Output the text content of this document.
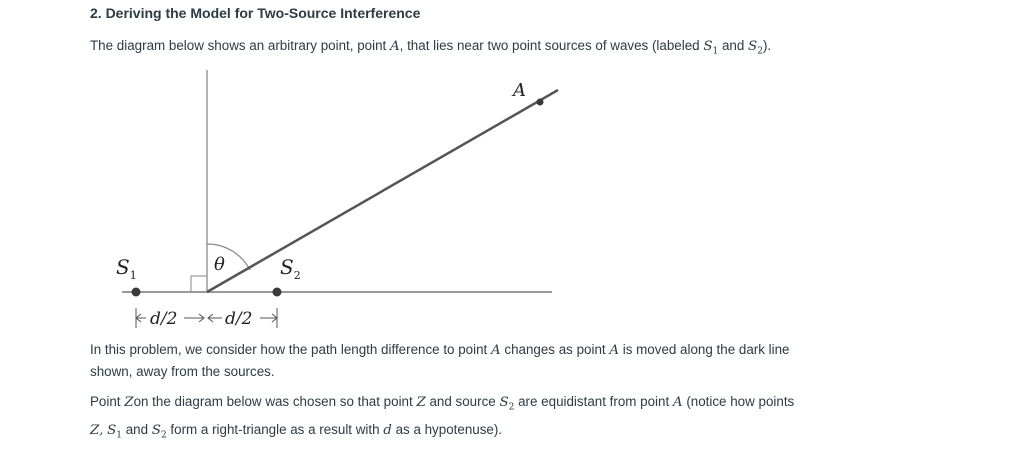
2. Deriving the Model for Two-Source Interference

The diagram below shows an arbitrary point, point A, that lies near two point sources of waves (labeled $S_1$ and $S_2$).

$S_1$	$S_2$
A
θ
d/2	d/2

In this problem, we consider how the path length difference to point A changes as point A is moved along the dark line shown, away from the sources.

Point Zon the diagram below was chosen so that point Z and source $S_2$ are equidistant from point A (notice how points Z, $S_1$ and $S_2$ form a right-triangle as a result with d as a hypotenuse).
